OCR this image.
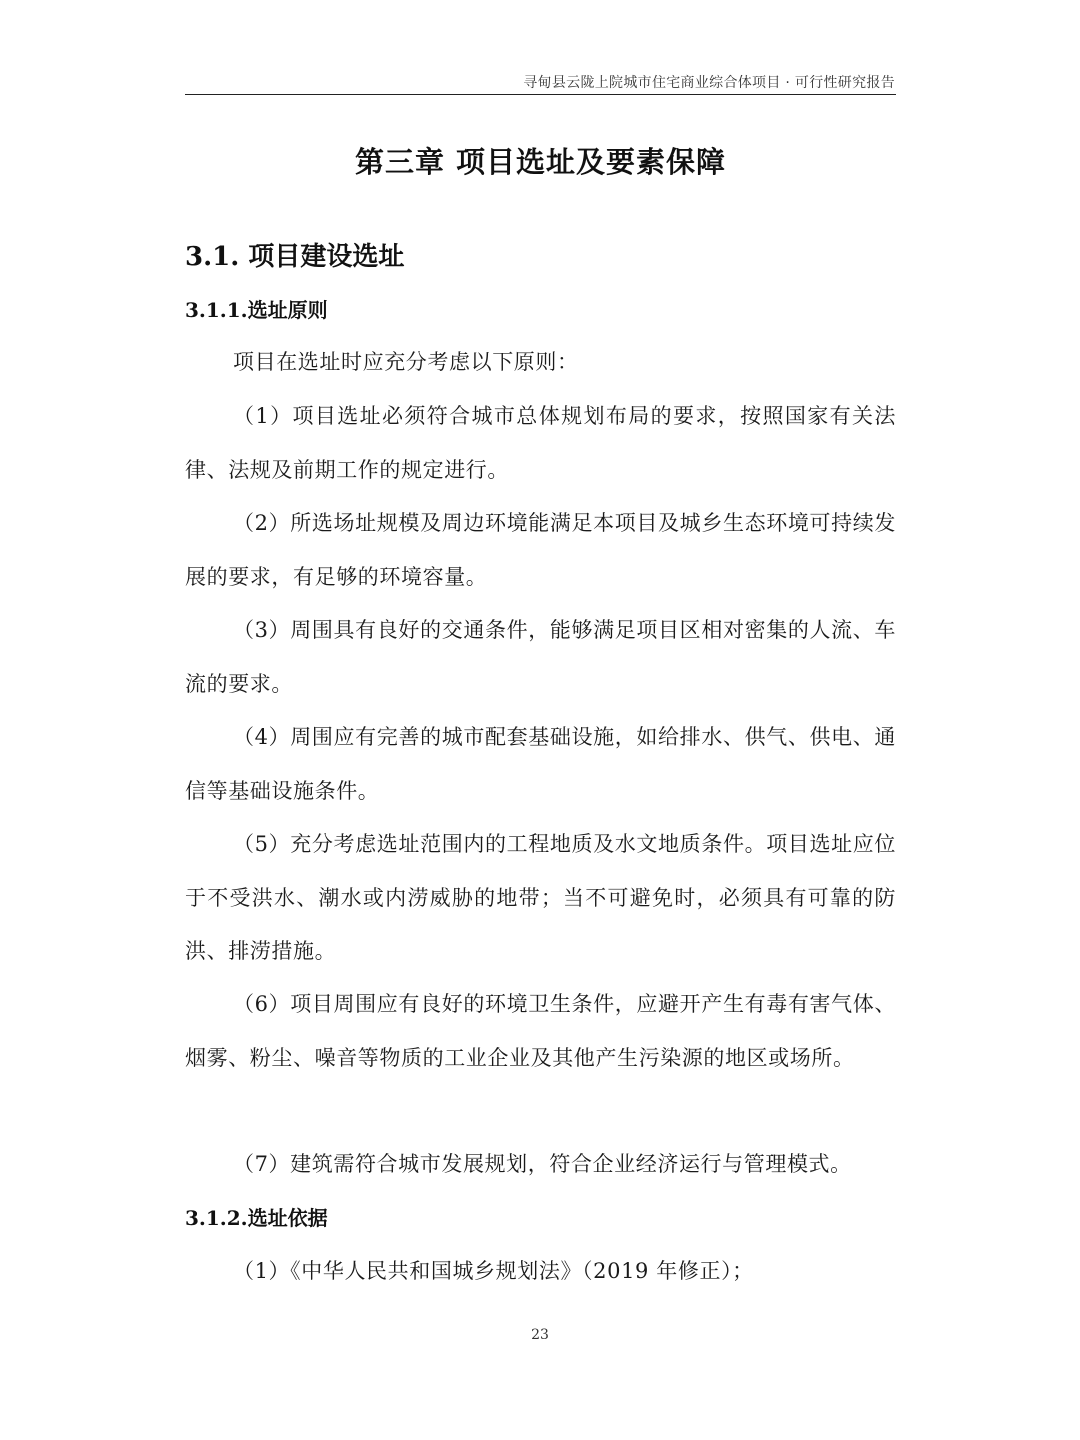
寻甸县云陇上院城市住宅商业综合体项目 · 可行性研究报告
第三章 项目选址及要素保障
3.1. 项目建设选址
3.1.1.选址原则

项目在选址时应充分考虑以下原则：

（1）项目选址必须符合城市总体规划布局的要求，按照国家有关法律、法规及前期工作的规定进行。

（2）所选场址规模及周边环境能满足本项目及城乡生态环境可持续发展的要求，有足够的环境容量。

（3）周围具有良好的交通条件，能够满足项目区相对密集的人流、车流的要求。

（4）周围应有完善的城市配套基础设施，如给排水、供气、供电、通信等基础设施条件。

（5）充分考虑选址范围内的工程地质及水文地质条件。项目选址应位于不受洪水、潮水或内涝威胁的地带；当不可避免时，必须具有可靠的防洪、排涝措施。

（6）项目周围应有良好的环境卫生条件，应避开产生有毒有害气体、烟雾、粉尘、噪音等物质的工业企业及其他产生污染源的地区或场所。

（7）建筑需符合城市发展规划，符合企业经济运行与管理模式。

3.1.2.选址依据

（1）《中华人民共和国城乡规划法》（2019 年修正）；

23
